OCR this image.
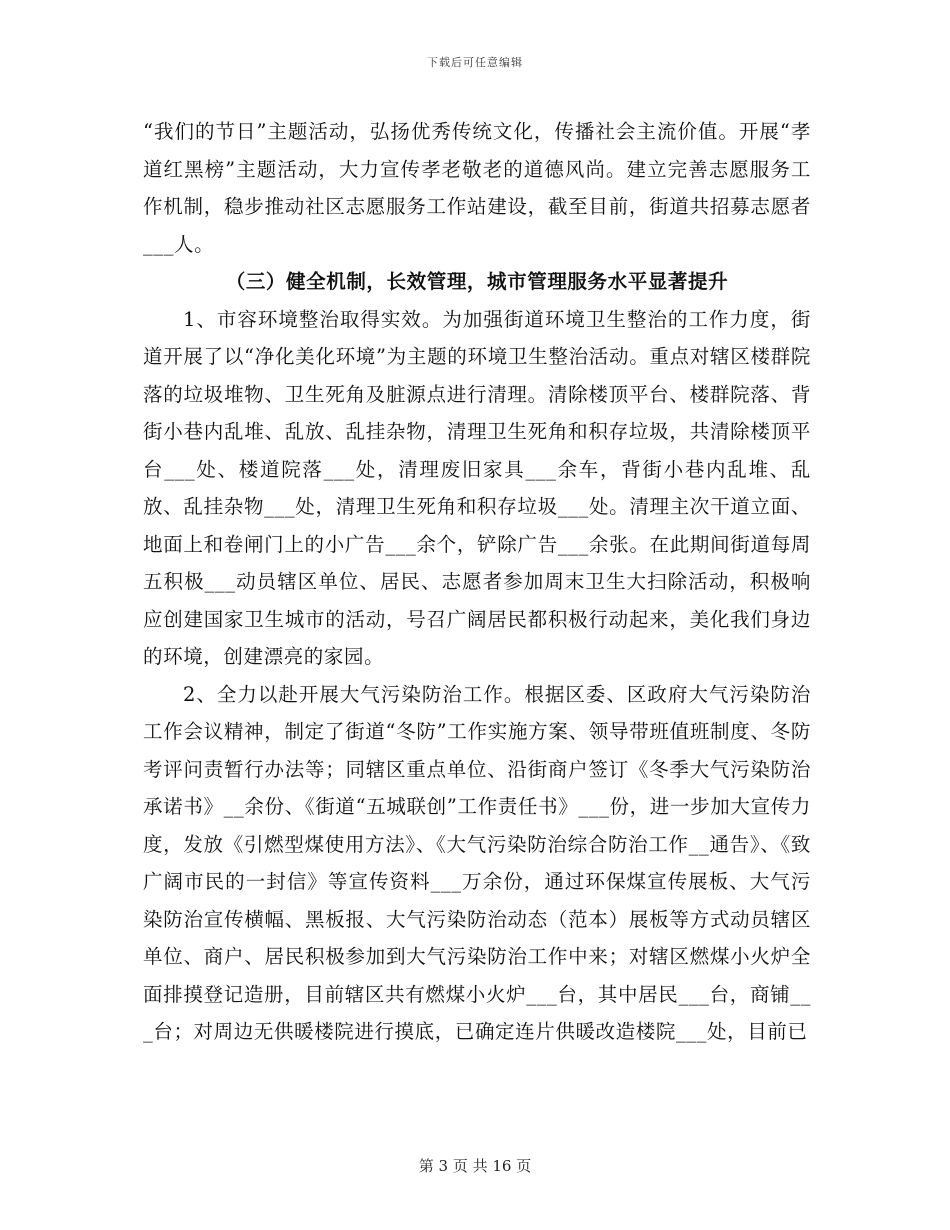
下载后可任意编辑

“我们的节日”主题活动，弘扬优秀传统文化，传播社会主流价值。开展“孝道红黑榜”主题活动，大力宣传孝老敬老的道德风尚。建立完善志愿服务工作机制，稳步推动社区志愿服务工作站建设，截至目前，街道共招募志愿者___人。

（三）健全机制，长效管理，城市管理服务水平显著提升

1、市容环境整治取得实效。为加强街道环境卫生整治的工作力度，街道开展了以“净化美化环境”为主题的环境卫生整治活动。重点对辖区楼群院落的垃圾堆物、卫生死角及脏源点进行清理。清除楼顶平台、楼群院落、背街小巷内乱堆、乱放、乱挂杂物，清理卫生死角和积存垃圾，共清除楼顶平台___处、楼道院落___处，清理废旧家具___余车，背街小巷内乱堆、乱放、乱挂杂物___处，清理卫生死角和积存垃圾___处。清理主次干道立面、地面上和卷闸门上的小广告___余个，铲除广告___余张。在此期间街道每周五积极___动员辖区单位、居民、志愿者参加周末卫生大扫除活动，积极响应创建国家卫生城市的活动，号召广阔居民都积极行动起来，美化我们身边的环境，创建漂亮的家园。

2、全力以赴开展大气污染防治工作。根据区委、区政府大气污染防治工作会议精神，制定了街道“冬防”工作实施方案、领导带班值班制度、冬防考评问责暂行办法等；同辖区重点单位、沿街商户签订《冬季大气污染防治承诺书》__余份、《街道“五城联创”工作责任书》___份，进一步加大宣传力度，发放《引燃型煤使用方法》、《大气污染防治综合防治工作__通告》、《致广阔市民的一封信》等宣传资料___万余份，通过环保煤宣传展板、大气污染防治宣传横幅、黑板报、大气污染防治动态（范本）展板等方式动员辖区单位、商户、居民积极参加到大气污染防治工作中来；对辖区燃煤小火炉全面排摸登记造册，目前辖区共有燃煤小火炉___台，其中居民___台，商铺___台；对周边无供暖楼院进行摸底，已确定连片供暖改造楼院___处，目前已

第 3 页 共 16 页
